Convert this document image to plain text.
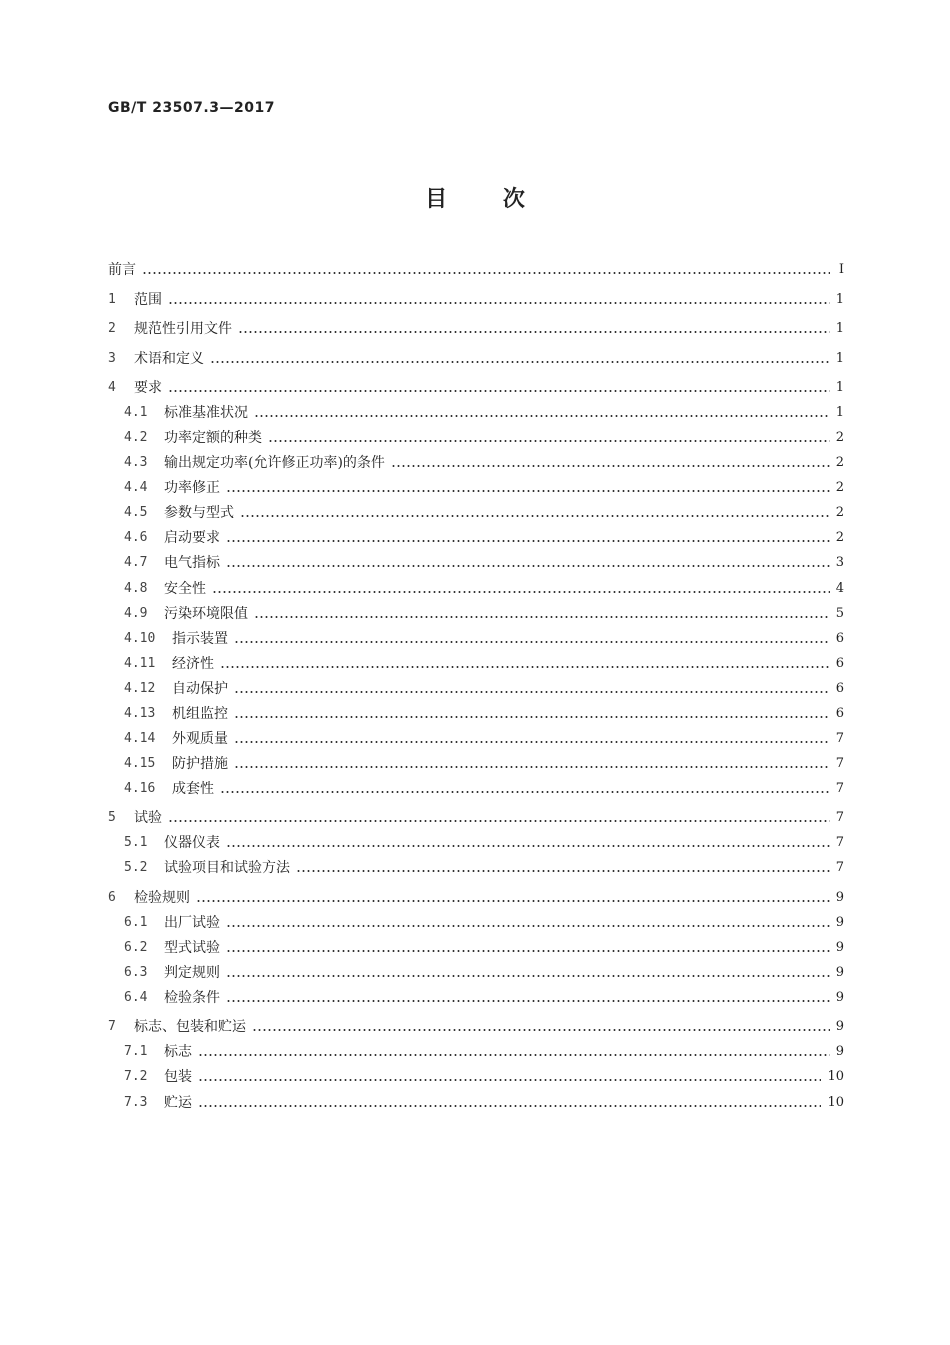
GB/T 23507.3—2017
目 次
前言	Ⅰ
1	范围	1
2	规范性引用文件	1
3	术语和定义	1
4	要求	1
4.1	标准基准状况	1
4.2	功率定额的种类	2
4.3	输出规定功率(允许修正功率)的条件	2
4.4	功率修正	2
4.5	参数与型式	2
4.6	启动要求	2
4.7	电气指标	3
4.8	安全性	4
4.9	污染环境限值	5
4.10	指示装置	6
4.11	经济性	6
4.12	自动保护	6
4.13	机组监控	6
4.14	外观质量	7
4.15	防护措施	7
4.16	成套性	7
5	试验	7
5.1	仪器仪表	7
5.2	试验项目和试验方法	7
6	检验规则	9
6.1	出厂试验	9
6.2	型式试验	9
6.3	判定规则	9
6.4	检验条件	9
7	标志、包装和贮运	9
7.1	标志	9
7.2	包装	10
7.3	贮运	10
